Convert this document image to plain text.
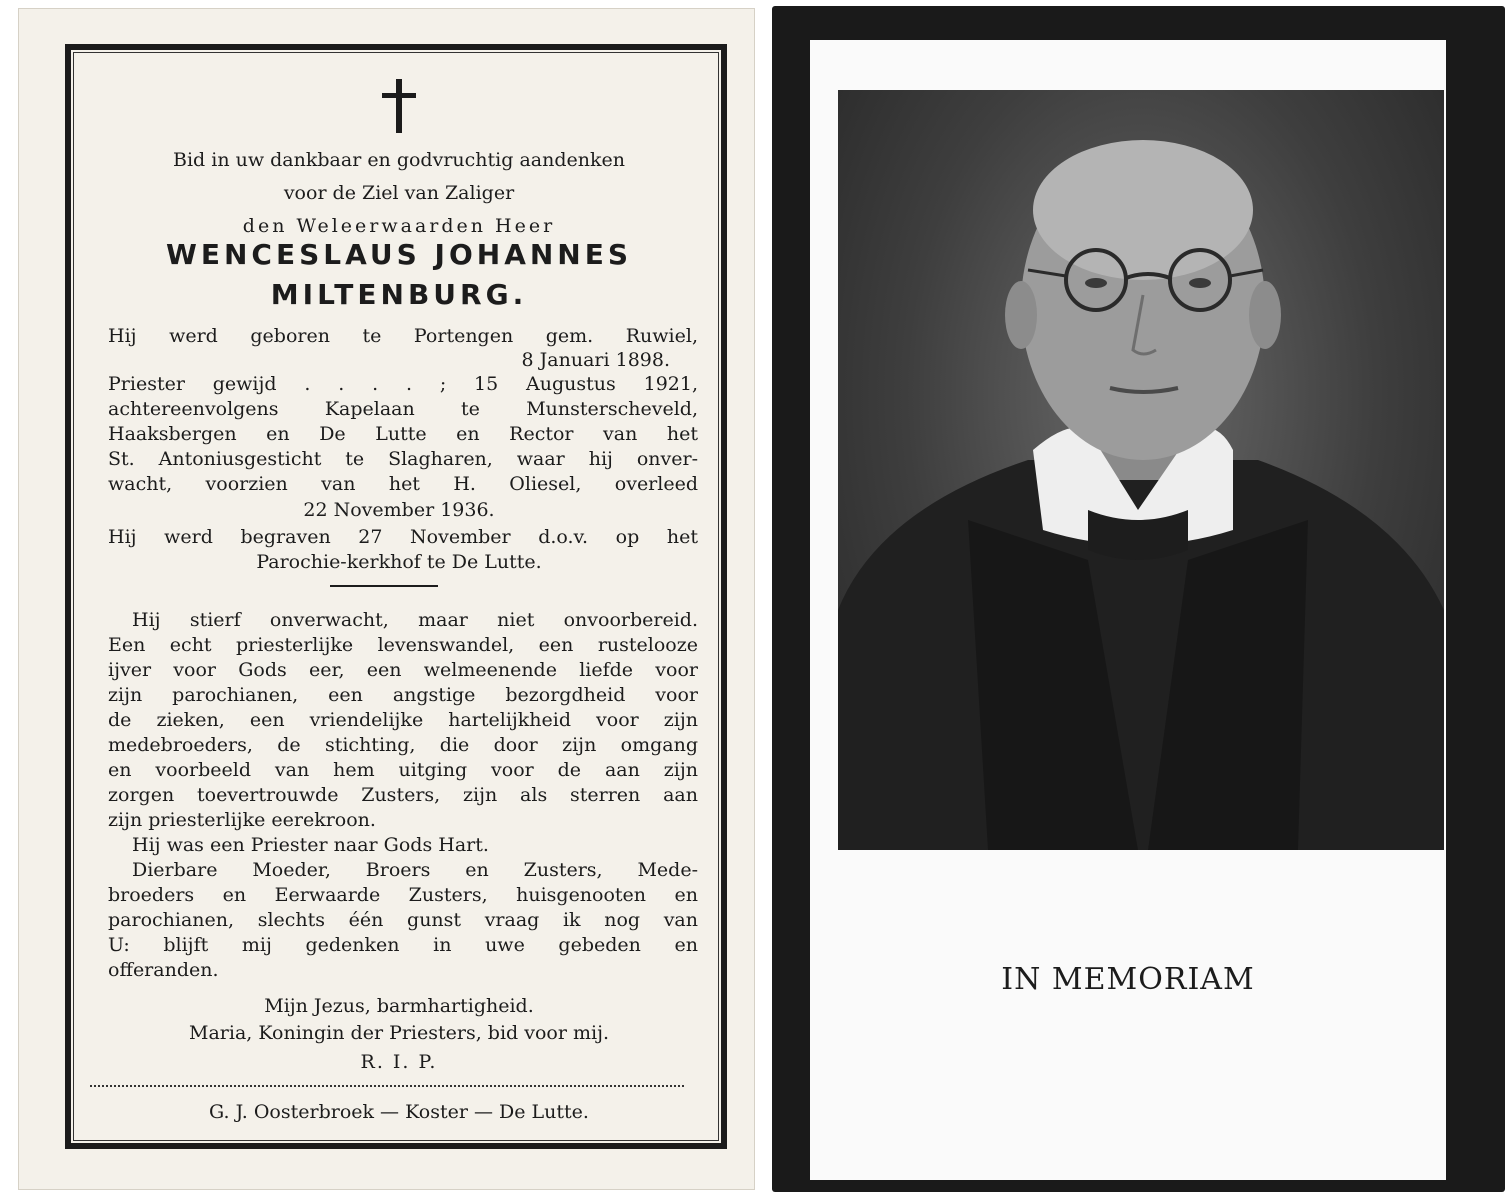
Bid in uw dankbaar en godvruchtig aandenken
voor de Ziel van Zaliger
den Weleerwaarden Heer
WENCESLAUS JOHANNES
MILTENBURG.
Hij werd geboren te Portengen gem. Ruwiel,
8 Januari 1898.
Priester gewijd . . . . ; 15 Augustus 1921,
achtereenvolgens Kapelaan te Munsterscheveld,
Haaksbergen en De Lutte en Rector van het
St. Antoniusgesticht te Slagharen, waar hij onver-
wacht, voorzien van het H. Oliesel, overleed
22 November 1936.
Hij werd begraven 27 November d.o.v. op het
Parochie-kerkhof te De Lutte.
Hij stierf onverwacht, maar niet onvoorbereid.
Een echt priesterlijke levenswandel, een rustelooze
ijver voor Gods eer, een welmeenende liefde voor
zijn parochianen, een angstige bezorgdheid voor
de zieken, een vriendelijke hartelijkheid voor zijn
medebroeders, de stichting, die door zijn omgang
en voorbeeld van hem uitging voor de aan zijn
zorgen toevertrouwde Zusters, zijn als sterren aan
zijn priesterlijke eerekroon.
Hij was een Priester naar Gods Hart.
Dierbare Moeder, Broers en Zusters, Mede-
broeders en Eerwaarde Zusters, huisgenooten en
parochianen, slechts één gunst vraag ik nog van
U: blijft mij gedenken in uwe gebeden en
offeranden.
Mijn Jezus, barmhartigheid.
Maria, Koningin der Priesters, bid voor mij.
R. I. P.
G. J. Oosterbroek — Koster — De Lutte.
IN MEMORIAM
